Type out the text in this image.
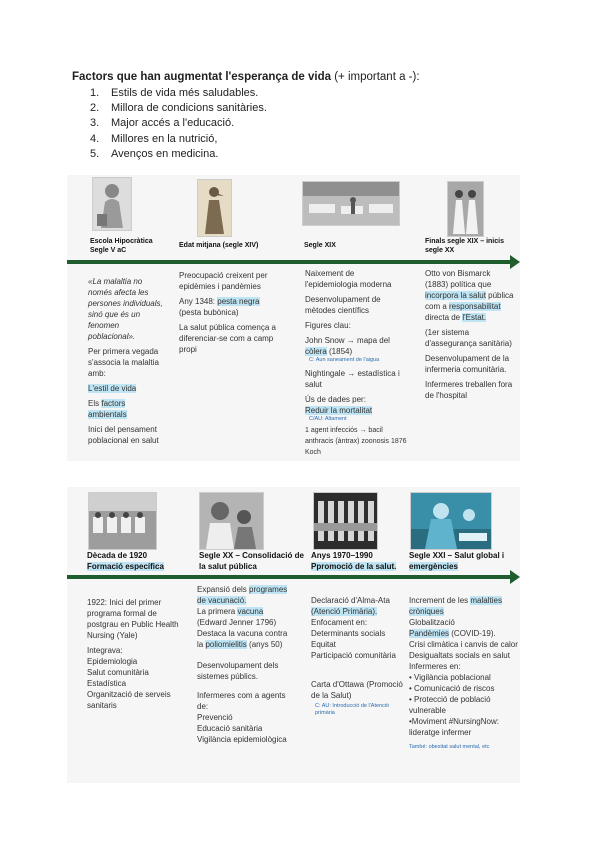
Factors que han augmentat l'esperança de vida (+ important a -):
1.	Estils de vida més saludables.
2.	Millora de condicions sanitàries.
3.	Major accés a l'educació.
4.	Millores en la nutrició,
5.	Avenços en medicina.
Escola Hipocràtica Segle V aC
Edat mitjana (segle XIV)	Segle XIX
Finals segle XIX – inicis segle XX

«La malaltia no només afecta les persones individuals, sinó que és un fenomen poblacional».

Per primera vegada s'associa la malaltia amb:

L'estil de vida

Els factors ambientals

Inici del pensament poblacional en salut

Preocupació creixent per epidèmies i pandèmies

Any 1348: pesta negra (pesta bubònica)

La salut pública comença a diferenciar-se com a camp propi

Naixement de l'epidemiologia moderna

Desenvolupament de mètodes científics

Figures clau:

John Snow → mapa del
còlera (1854)
C: Aun saneament de l'aigua

Nightingale → estadística i salut

Ús de dades per:
Reduir la mortalitat
C/AU: Altament

1 agent infecciós → bacil anthracis (àntrax) zoonosis 1876 Koch

Otto von Bismarck (1883) política que incorpora la salut pública com a responsabilitat directa de l'Estat.

(1er sistema d'assegurança sanitària)

Desenvolupament de la infermeria comunitària.

Infermeres treballen fora de l'hospital

Dècada de 1920
Formació específica
Segle XX – Consolidació de la salut pública
Anys 1970–1990
Ppromoció de la salut.
Segle XXI – Salut global i
emergències

1922: Inici del primer programa formal de postgrau en Public Health Nursing (Yale)

Integrava:
Epidemiologia
Salut comunitària
Estadística
Organització de serveis sanitaris
Expansió dels programes de vacunació.
La primera vacuna (Edward Jenner 1796)

Destaca la vacuna contra la poliomielitis (anys 50)

Desenvolupament dels sistemes públics.

Infermeres com a agents de:
Prevenció
Educació sanitària
Vigilància epidemiològica
Declaració d'Alma-Ata
(Atenció Primària).
Enfocament en:
Determinants socials
Equitat

Participació comunitària

Carta d'Ottawa (Promoció de la Salut)

C: AU: Introducció de l'Atenció primària
Increment de les malalties cròniques
Globalització
Pandèmies (COVID-19).
Crisi climàtica i canvis de calor
Desigualtats socials en salut
Infermeres en:
• Vigilància poblacional
• Comunicació de riscos
• Protecció de població vulnerable
•Moviment #NursingNow: lideratge infermer
També: obesitat salut mental, etc
